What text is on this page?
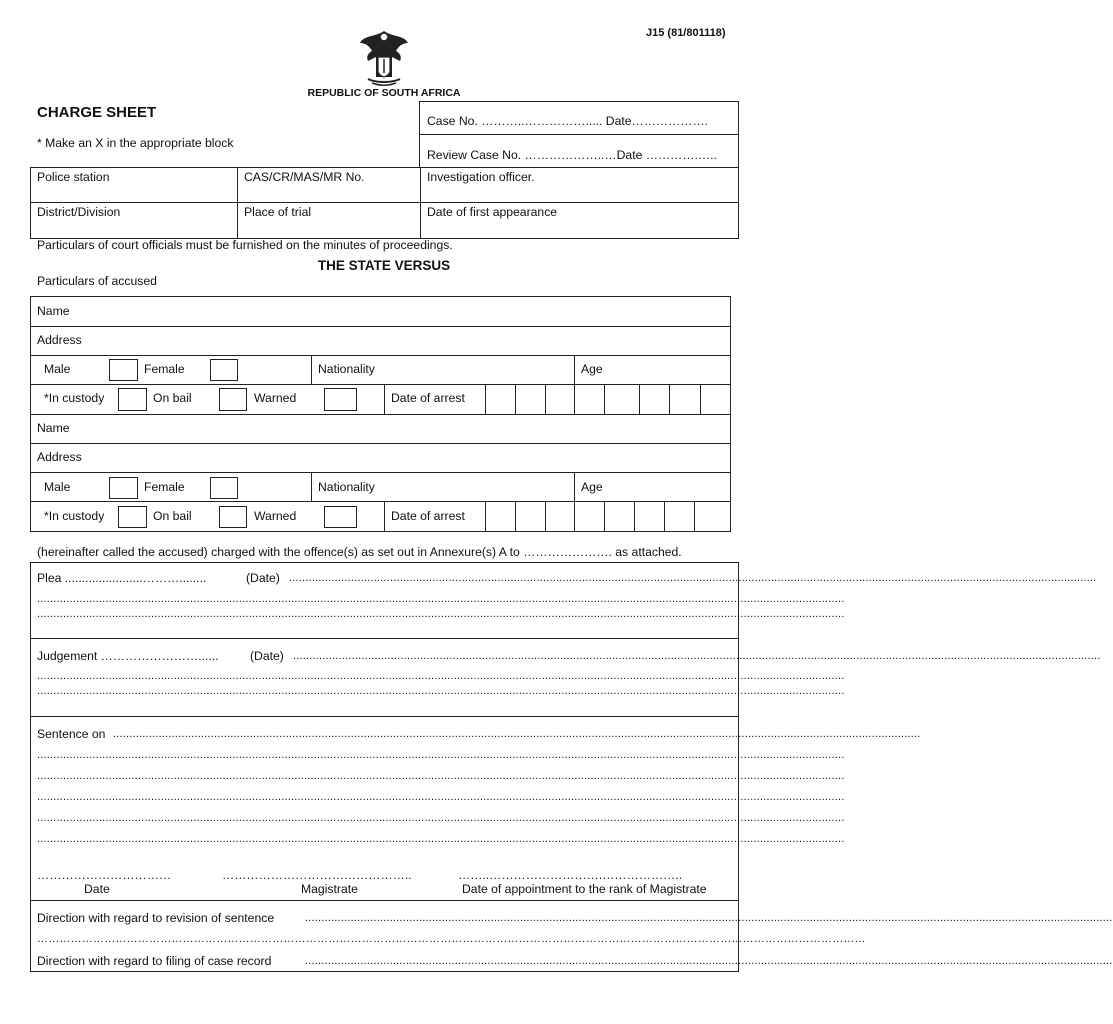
J15 (81/801118)
REPUBLIC OF SOUTH AFRICA
CHARGE SHEET
* Make an X in the appropriate block
Case No. ………..……………..... Date……………….
Review Case No. ………………..…Date ………….…..
Police station	CAS/CR/MAS/MR No.	Investigation officer.
District/Division	Place of trial	Date of first appearance
Particulars of court officials must be furnished on the minutes of proceedings.
THE STATE VERSUS
Particulars of accused
Name
Address
Male	Female	Nationality	Age
*In custody	On bail	Warned	Date of arrest
Name
Address
Male	Female	Nationality	Age
*In custody	On bail	Warned	Date of arrest
(hereinafter called the accused) charged with the offence(s) as set out in Annexure(s) A to …………………. as attached.
Plea .......................………........	(Date) ........................................................................................................................................................................................................................................................
........................................................................................................................................................................................................................................................
........................................................................................................................................................................................................................................................
Judgement ……………………......	(Date) ........................................................................................................................................................................................................................................................
........................................................................................................................................................................................................................................................
........................................................................................................................................................................................................................................................
Sentence on ........................................................................................................................................................................................................................................................
........................................................................................................................................................................................................................................................
........................................................................................................................................................................................................................................................
........................................................................................................................................................................................................................................................
........................................................................................................................................................................................................................................................
........................................................................................................................................................................................................................................................
……………………………	………………………………………..	……..……………………….………………..
Date	Magistrate	Date of appointment to the rank of Magistrate
Direction with regard to revision of sentence	........................................................................................................................................................................................................................................................
……………………………………………………………………………………………………………………………………………………………………………………………………
Direction with regard to filing of case record	........................................................................................................................................................................................................................................................
